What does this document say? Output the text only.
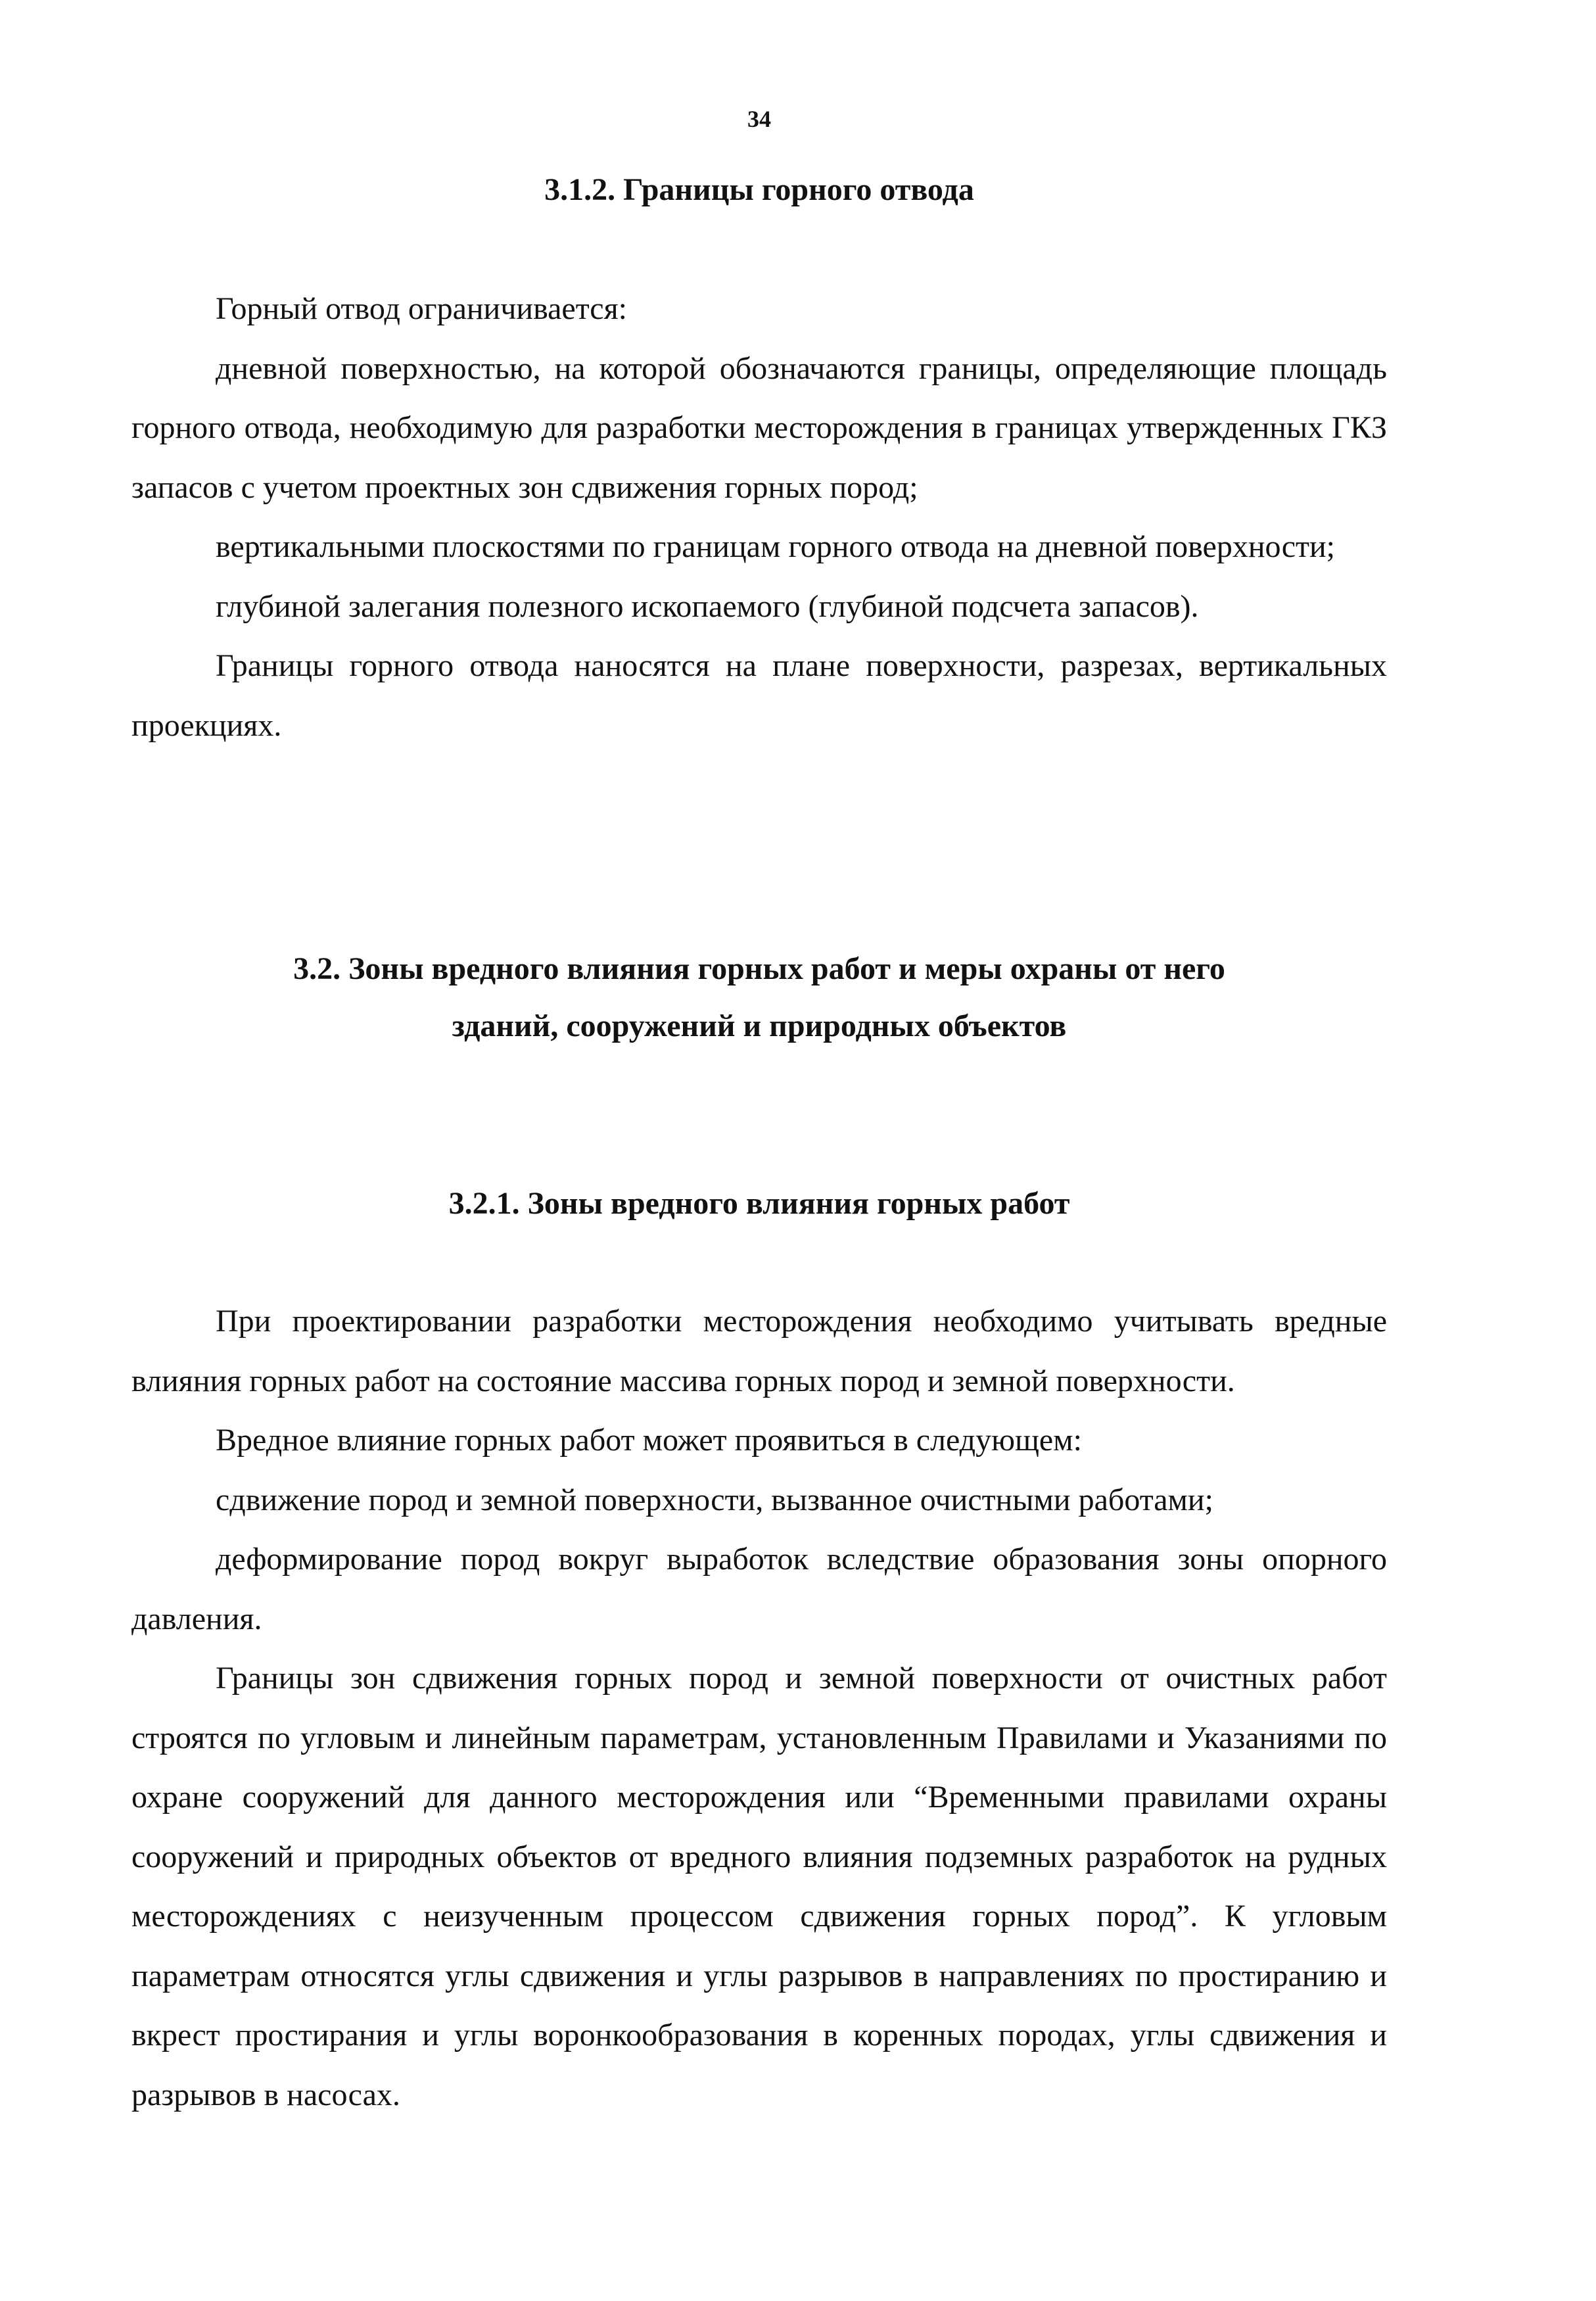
34
3.1.2. Границы горного отвода

Горный отвод ограничивается:

дневной поверхностью, на которой обозначаются границы, определяющие площадь горного отвода, необходимую для разработки месторождения в границах утвержденных ГКЗ запасов с учетом проектных зон сдвижения горных пород;

вертикальными плоскостями по границам горного отвода на дневной поверхности;

глубиной залегания полезного ископаемого (глубиной подсчета запасов).

Границы горного отвода наносятся на плане поверхности, разрезах, вертикальных проекциях.

3.2. Зоны вредного влияния горных работ и меры охраны от него
зданий, сооружений и природных объектов
3.2.1. Зоны вредного влияния горных работ

При проектировании разработки месторождения необходимо учитывать вредные влияния горных работ на состояние массива горных пород и земной поверхности.

Вредное влияние горных работ может проявиться в следующем:

сдвижение пород и земной поверхности, вызванное очистными работами;

деформирование пород вокруг выработок вследствие образования зоны опорного давления.

Границы зон сдвижения горных пород и земной поверхности от очистных работ строятся по угловым и линейным параметрам, установленным Правилами и Указаниями по охране сооружений для данного месторождения или “Временными правилами охраны сооружений и природных объектов от вредного влияния подземных разработок на рудных месторождениях с неизученным процессом сдвижения горных пород”. К угловым параметрам относятся углы сдвижения и углы разрывов в направлениях по простиранию и вкрест простирания и углы воронкообразования в коренных породах, углы сдвижения и разрывов в насосах.
